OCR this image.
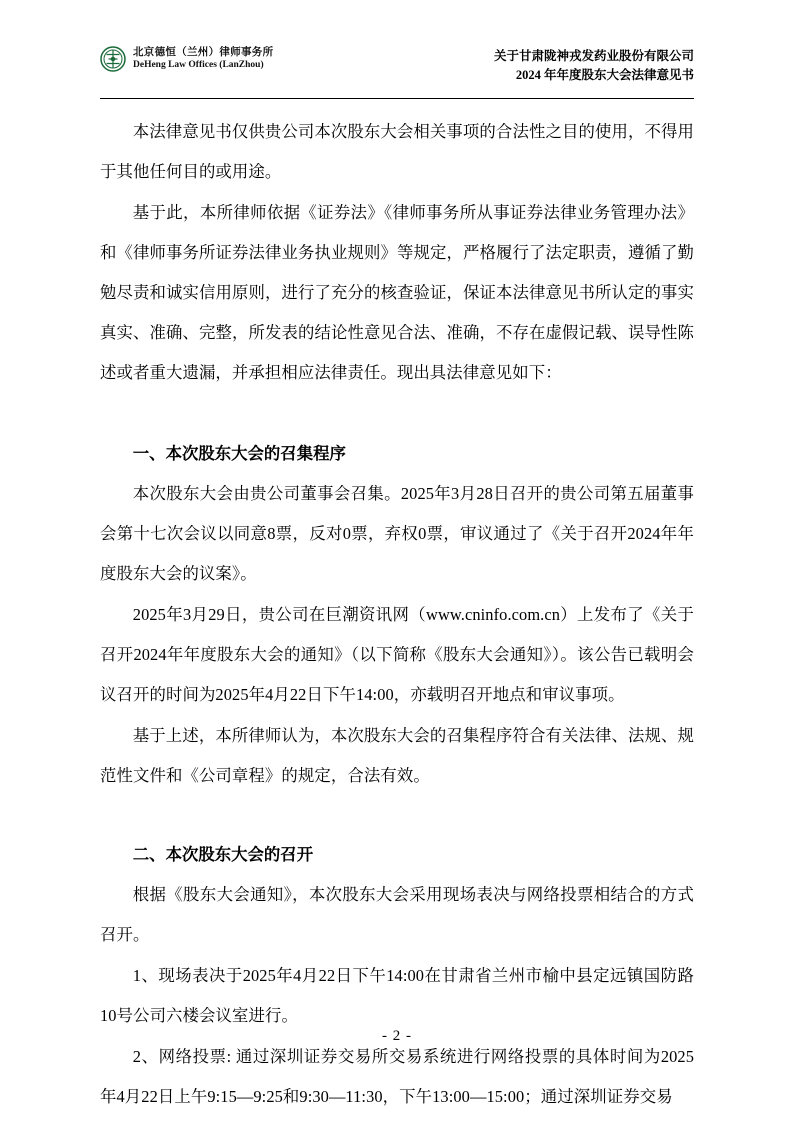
北京德恒（兰州）律师事务所
DeHeng Law Offices (LanZhou)
关于甘肃陇神戎发药业股份有限公司
2024 年年度股东大会法律意见书

本法律意见书仅供贵公司本次股东大会相关事项的合法性之目的使用，不得用于其他任何目的或用途。

基于此，本所律师依据《证券法》《律师事务所从事证券法律业务管理办法》和《律师事务所证券法律业务执业规则》等规定，严格履行了法定职责，遵循了勤勉尽责和诚实信用原则，进行了充分的核查验证，保证本法律意见书所认定的事实真实、准确、完整，所发表的结论性意见合法、准确，不存在虚假记载、误导性陈述或者重大遗漏，并承担相应法律责任。现出具法律意见如下：

一、本次股东大会的召集程序

本次股东大会由贵公司董事会召集。2025年3月28日召开的贵公司第五届董事会第十七次会议以同意8票，反对0票，弃权0票，审议通过了《关于召开2024年年度股东大会的议案》。

2025年3月29日，贵公司在巨潮资讯网（www.cninfo.com.cn）上发布了《关于召开2024年年度股东大会的通知》（以下简称《股东大会通知》）。该公告已载明会议召开的时间为2025年4月22日下午14:00，亦载明召开地点和审议事项。

基于上述，本所律师认为，本次股东大会的召集程序符合有关法律、法规、规范性文件和《公司章程》的规定，合法有效。

二、本次股东大会的召开

根据《股东大会通知》，本次股东大会采用现场表决与网络投票相结合的方式召开。

1、现场表决于2025年4月22日下午14:00在甘肃省兰州市榆中县定远镇国防路10号公司六楼会议室进行。

2、网络投票: 通过深圳证券交易所交易系统进行网络投票的具体时间为2025年4月22日上午9:15—9:25和9:30—11:30，下午13:00—15:00；通过深圳证券交易

- 2 -
